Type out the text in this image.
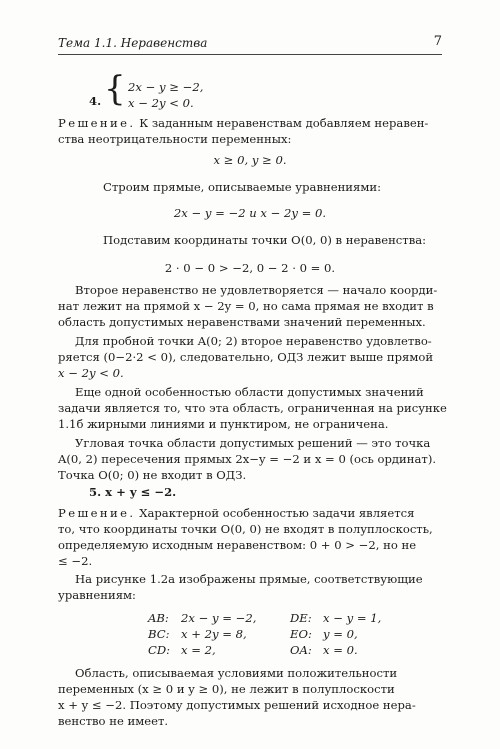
Тема 1.1. Неравенства	7
4. { 2x − y ≥ −2,
x − 2y < 0.
Решение. К заданным неравенствам добавляем нерaвен-
ства неотрицательности переменных:
x ≥ 0, y ≥ 0.
Строим прямые, описываемые уравнениями:
2x − y = −2 и x − 2y = 0.
Подставим координаты точки O(0, 0) в неравенства:
2 · 0 − 0 > −2, 0 − 2 · 0 = 0.
Второе неравенство не удовлетворяется — начало коорди-
нат лежит на прямой x − 2y = 0, но сама прямая не входит в
область допустимых неравенствами значений переменных.
Для пробной точки A(0; 2) второе неравенство удовлетво-
ряется (0−2·2 < 0), следовательно, ОДЗ лежит выше прямой
x − 2y < 0.
Еще одной особенностью области допустимых значений
задачи является то, что эта область, ограниченная на рисунке
1.1б жирными линиями и пунктиром, не ограничена.
Угловая точка области допустимых решений — это точка
A(0, 2) пересечения прямых 2x−y = −2 и x = 0 (ось ординат).
Точка O(0; 0) не входит в ОДЗ.
5. x + y ≤ −2.
Решение. Характерной особенностью задачи является
то, что координаты точки O(0, 0) не входят в полуплоскость,
определяемую исходным неравенством: 0 + 0 > −2, но не
≤ −2.
На рисунке 1.2а изображены прямые, соответствующие
уравнениям:
AB: 2x − y = −2,	DE: x − y = 1,
BC: x + 2y = 8,	EO: y = 0,
CD: x = 2,	OA: x = 0.
Область, описываемая условиями положительности
переменных (x ≥ 0 и y ≥ 0), не лежит в полуплоскости
x + y ≤ −2. Поэтому допустимых решений исходное нера-
венство не имеет.
